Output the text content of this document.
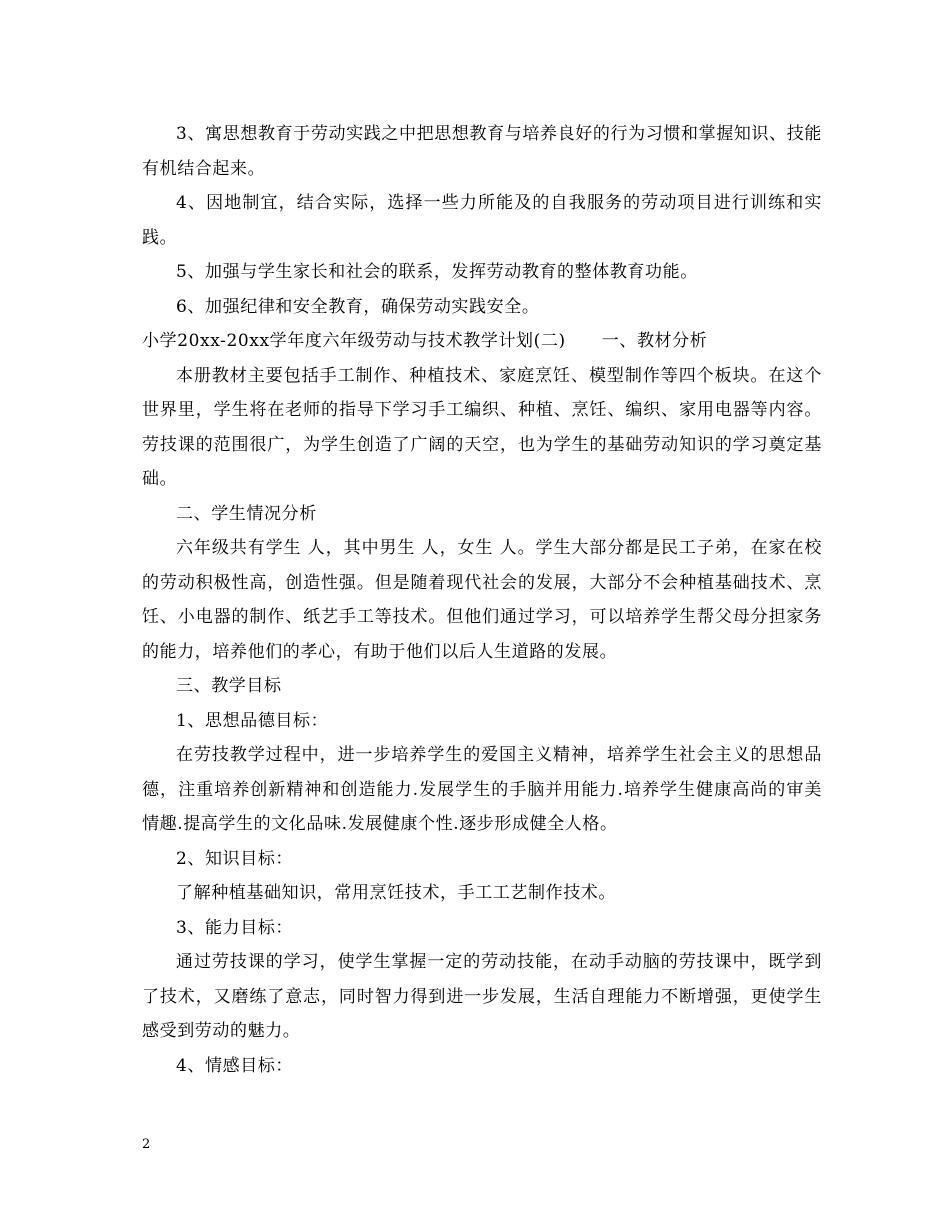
3、寓思想教育于劳动实践之中把思想教育与培养良好的行为习惯和掌握知识、技能有机结合起来。

4、因地制宜，结合实际，选择一些力所能及的自我服务的劳动项目进行训练和实践。

5、加强与学生家长和社会的联系，发挥劳动教育的整体教育功能。

6、加强纪律和安全教育，确保劳动实践安全。

小学20xx-20xx学年度六年级劳动与技术教学计划(二)      一、教材分析

本册教材主要包括手工制作、种植技术、家庭烹饪、模型制作等四个板块。在这个世界里，学生将在老师的指导下学习手工编织、种植、烹饪、编织、家用电器等内容。劳技课的范围很广，为学生创造了广阔的天空，也为学生的基础劳动知识的学习奠定基础。

二、学生情况分析

六年级共有学生 人，其中男生 人，女生 人。学生大部分都是民工子弟，在家在校的劳动积极性高，创造性强。但是随着现代社会的发展，大部分不会种植基础技术、烹饪、小电器的制作、纸艺手工等技术。但他们通过学习，可以培养学生帮父母分担家务的能力，培养他们的孝心，有助于他们以后人生道路的发展。

三、教学目标

1、思想品德目标：

在劳技教学过程中，进一步培养学生的爱国主义精神，培养学生社会主义的思想品德，注重培养创新精神和创造能力.发展学生的手脑并用能力.培养学生健康高尚的审美情趣.提高学生的文化品味.发展健康个性.逐步形成健全人格。

2、知识目标：

了解种植基础知识，常用烹饪技术，手工工艺制作技术。

3、能力目标：

通过劳技课的学习，使学生掌握一定的劳动技能，在动手动脑的劳技课中，既学到了技术，又磨练了意志，同时智力得到进一步发展，生活自理能力不断增强，更使学生感受到劳动的魅力。

4、情感目标：

2
